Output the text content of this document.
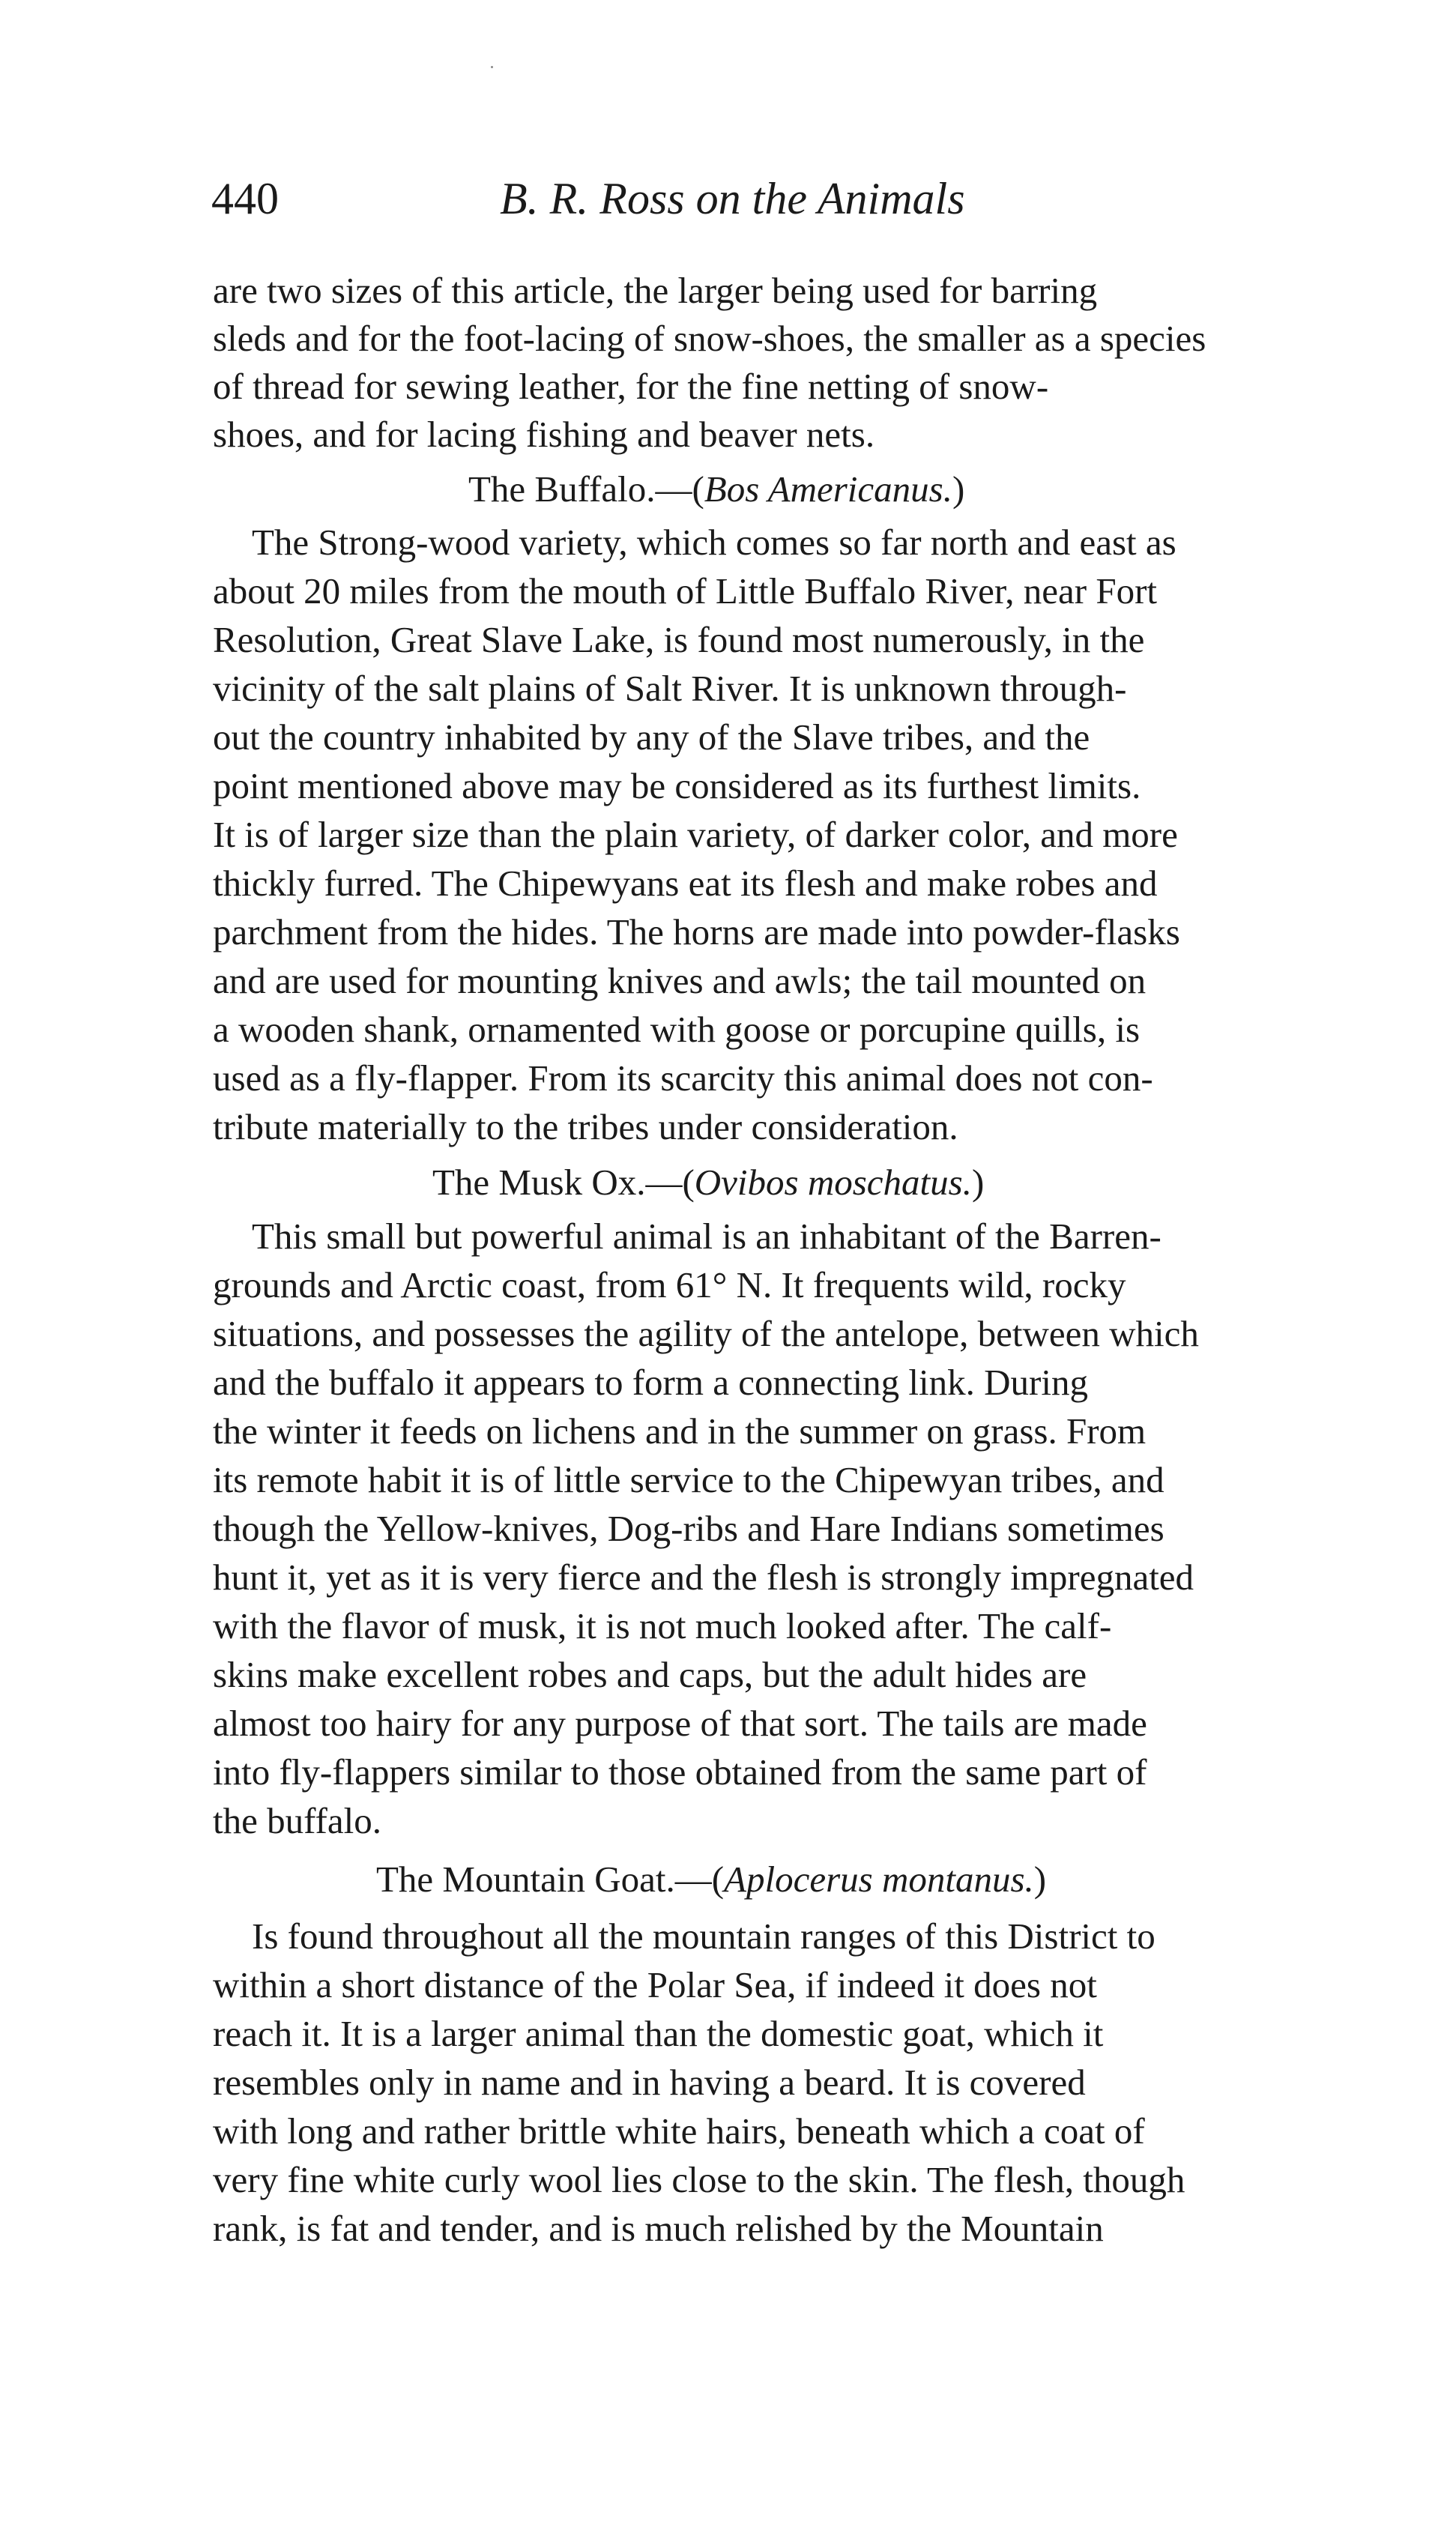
440	B. R. Ross on the Animals
are two sizes of this article, the larger being used for barring
sleds and for the foot-lacing of snow-shoes, the smaller as a species
of thread for sewing leather, for the fine netting of snow-
shoes, and for lacing fishing and beaver nets.
The Buffalo.—(Bos Americanus.)
The Strong-wood variety, which comes so far north and east as
about 20 miles from the mouth of Little Buffalo River, near Fort
Resolution, Great Slave Lake, is found most numerously, in the
vicinity of the salt plains of Salt River. It is unknown through-
out the country inhabited by any of the Slave tribes, and the
point mentioned above may be considered as its furthest limits.
It is of larger size than the plain variety, of darker color, and more
thickly furred. The Chipewyans eat its flesh and make robes and
parchment from the hides. The horns are made into powder-flasks
and are used for mounting knives and awls; the tail mounted on
a wooden shank, ornamented with goose or porcupine quills, is
used as a fly-flapper. From its scarcity this animal does not con-
tribute materially to the tribes under consideration.
The Musk Ox.—(Ovibos moschatus.)
This small but powerful animal is an inhabitant of the Barren-
grounds and Arctic coast, from 61° N. It frequents wild, rocky
situations, and possesses the agility of the antelope, between which
and the buffalo it appears to form a connecting link. During
the winter it feeds on lichens and in the summer on grass. From
its remote habit it is of little service to the Chipewyan tribes, and
though the Yellow-knives, Dog-ribs and Hare Indians sometimes
hunt it, yet as it is very fierce and the flesh is strongly impregnated
with the flavor of musk, it is not much looked after. The calf-
skins make excellent robes and caps, but the adult hides are
almost too hairy for any purpose of that sort. The tails are made
into fly-flappers similar to those obtained from the same part of
the buffalo.
The Mountain Goat.—(Aplocerus montanus.)
Is found throughout all the mountain ranges of this District to
within a short distance of the Polar Sea, if indeed it does not
reach it. It is a larger animal than the domestic goat, which it
resembles only in name and in having a beard. It is covered
with long and rather brittle white hairs, beneath which a coat of
very fine white curly wool lies close to the skin. The flesh, though
rank, is fat and tender, and is much relished by the Mountain
